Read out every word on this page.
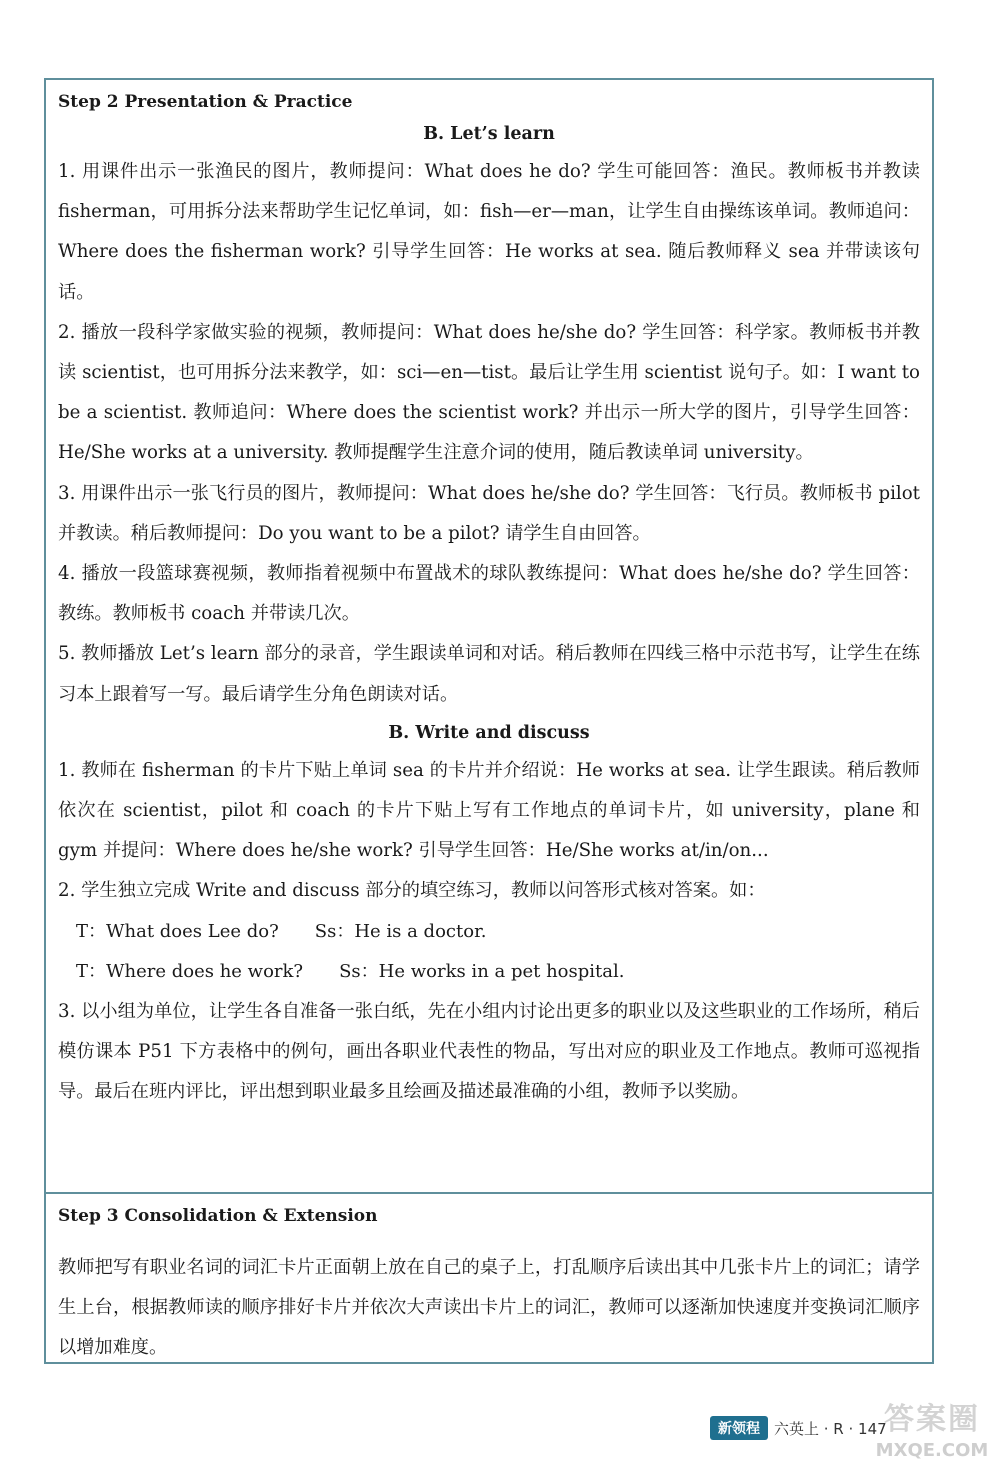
Step 2 Presentation & Practice
B. Let’s learn

1. 用课件出示一张渔民的图片，教师提问：What does he do? 学生可能回答：渔民。教师板书并教读 fisherman，可用拆分法来帮助学生记忆单词，如：fish—er—man，让学生自由操练该单词。教师追问：Where does the fisherman work? 引导学生回答：He works at sea. 随后教师释义 sea 并带读该句话。

2. 播放一段科学家做实验的视频，教师提问：What does he/she do? 学生回答：科学家。教师板书并教读 scientist，也可用拆分法来教学，如：sci—en—tist。最后让学生用 scientist 说句子。如：I want to be a scientist. 教师追问：Where does the scientist work? 并出示一所大学的图片，引导学生回答：He/She works at a university. 教师提醒学生注意介词的使用，随后教读单词 university。

3. 用课件出示一张飞行员的图片，教师提问：What does he/she do? 学生回答：飞行员。教师板书 pilot 并教读。稍后教师提问：Do you want to be a pilot? 请学生自由回答。

4. 播放一段篮球赛视频，教师指着视频中布置战术的球队教练提问：What does he/she do? 学生回答：教练。教师板书 coach 并带读几次。

5. 教师播放 Let’s learn 部分的录音，学生跟读单词和对话。稍后教师在四线三格中示范书写，让学生在练习本上跟着写一写。最后请学生分角色朗读对话。

B. Write and discuss

1. 教师在 fisherman 的卡片下贴上单词 sea 的卡片并介绍说：He works at sea. 让学生跟读。稍后教师依次在 scientist，pilot 和 coach 的卡片下贴上写有工作地点的单词卡片，如 university，plane 和 gym 并提问：Where does he/she work? 引导学生回答：He/She works at/in/on...

2. 学生独立完成 Write and discuss 部分的填空练习，教师以问答形式核对答案。如：

T：What does Lee do? Ss：He is a doctor.
T：Where does he work? Ss：He works in a pet hospital.

3. 以小组为单位，让学生各自准备一张白纸，先在小组内讨论出更多的职业以及这些职业的工作场所，稍后模仿课本 P51 下方表格中的例句，画出各职业代表性的物品，写出对应的职业及工作地点。教师可巡视指导。最后在班内评比，评出想到职业最多且绘画及描述最准确的小组，教师予以奖励。

Step 3 Consolidation & Extension

教师把写有职业名词的词汇卡片正面朝上放在自己的桌子上，打乱顺序后读出其中几张卡片上的词汇；请学生上台，根据教师读的顺序排好卡片并依次大声读出卡片上的词汇，教师可以逐渐加快速度并变换词汇顺序以增加难度。

新领程 六英上 · R · 147
答案圈
MXQE.COM
